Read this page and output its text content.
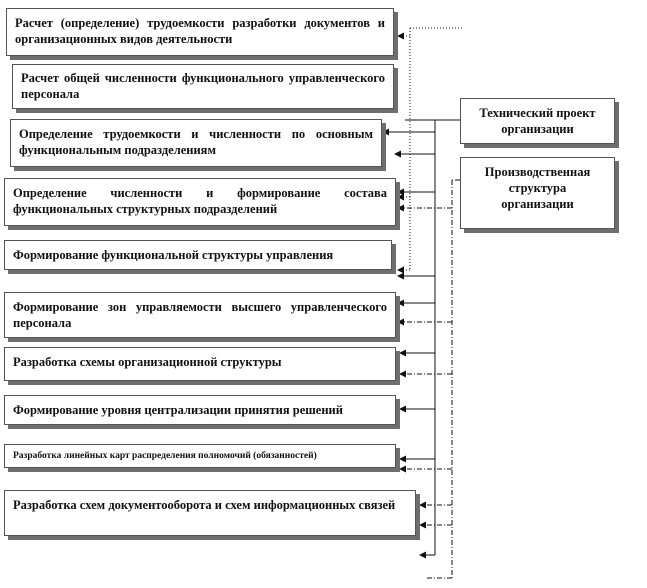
Расчет (определение) трудоемкости разработки документов и организационных видов деятельности
Расчет общей численности функционального управленческого персонала
Определение трудоемкости и численности по основным функциональным подразделениям
Определение численности и формирование состава функциональных структурных подразделений
Формирование функциональной структуры управления
Формирование зон управляемости высшего управленческого персонала
Разработка схемы организационной структуры
Формирование уровня централизации принятия решений
Разработка линейных карт распределения полномочий (обязанностей)
Разработка схем документооборота и схем информационных связей
Технический проект организации
Производственная структура организации
